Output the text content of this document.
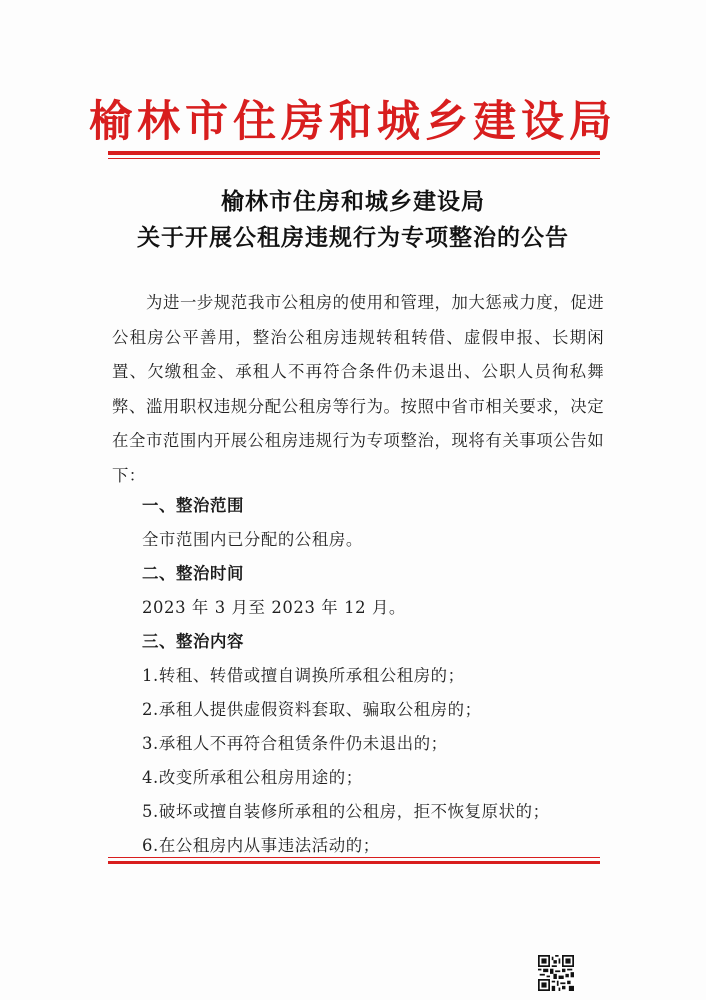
榆林市住房和城乡建设局
榆林市住房和城乡建设局
关于开展公租房违规行为专项整治的公告
为进一步规范我市公租房的使用和管理，加大惩戒力度，促进公租房公平善用，整治公租房违规转租转借、虚假申报、长期闲置、欠缴租金、承租人不再符合条件仍未退出、公职人员徇私舞弊、滥用职权违规分配公租房等行为。按照中省市相关要求，决定在全市范围内开展公租房违规行为专项整治，现将有关事项公告如下：
一、整治范围
全市范围内已分配的公租房。
二、整治时间
2023 年 3 月至 2023 年 12 月。
三、整治内容
1.转租、转借或擅自调换所承租公租房的；
2.承租人提供虚假资料套取、骗取公租房的；
3.承租人不再符合租赁条件仍未退出的；
4.改变所承租公租房用途的；
5.破坏或擅自装修所承租的公租房，拒不恢复原状的；
6.在公租房内从事违法活动的；
